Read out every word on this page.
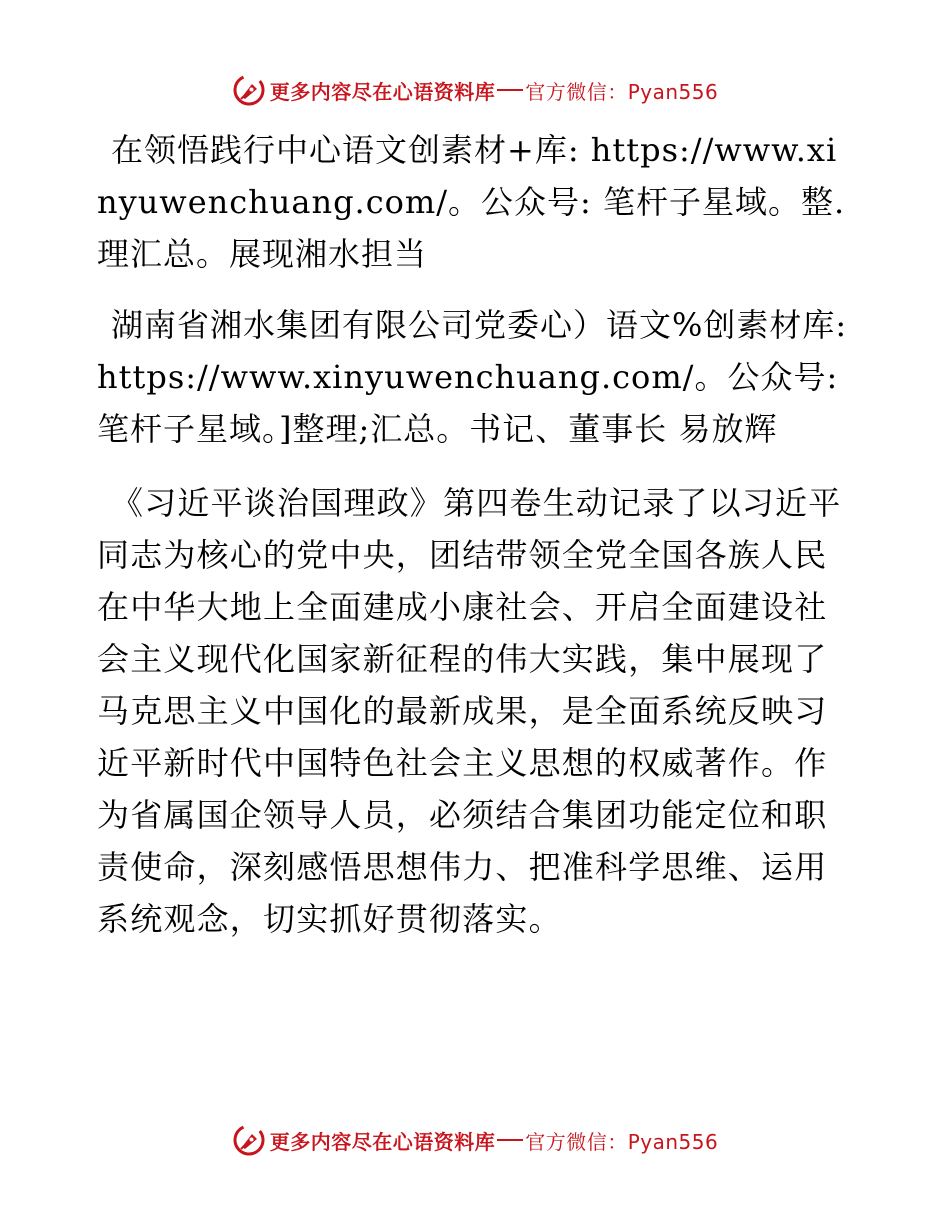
更多内容尽在心语资料库 官方微信：Pyan556

在领悟践行中心语文创素材+库: https://www.xinyuwenchuang.com/。公众号: 笔杆子星域。整.理汇总。展现湘水担当

湖南省湘水集团有限公司党委心）语文%创素材库: https://www.xinyuwenchuang.com/。公众号: 笔杆子星域。]整理;汇总。书记、董事长 易放辉

《习近平谈治国理政》第四卷生动记录了以习近平同志为核心的党中央，团结带领全党全国各族人民在中华大地上全面建成小康社会、开启全面建设社会主义现代化国家新征程的伟大实践，集中展现了马克思主义中国化的最新成果，是全面系统反映习近平新时代中国特色社会主义思想的权威著作。作为省属国企领导人员，必须结合集团功能定位和职责使命，深刻感悟思想伟力、把准科学思维、运用系统观念，切实抓好贯彻落实。

更多内容尽在心语资料库 官方微信：Pyan556
